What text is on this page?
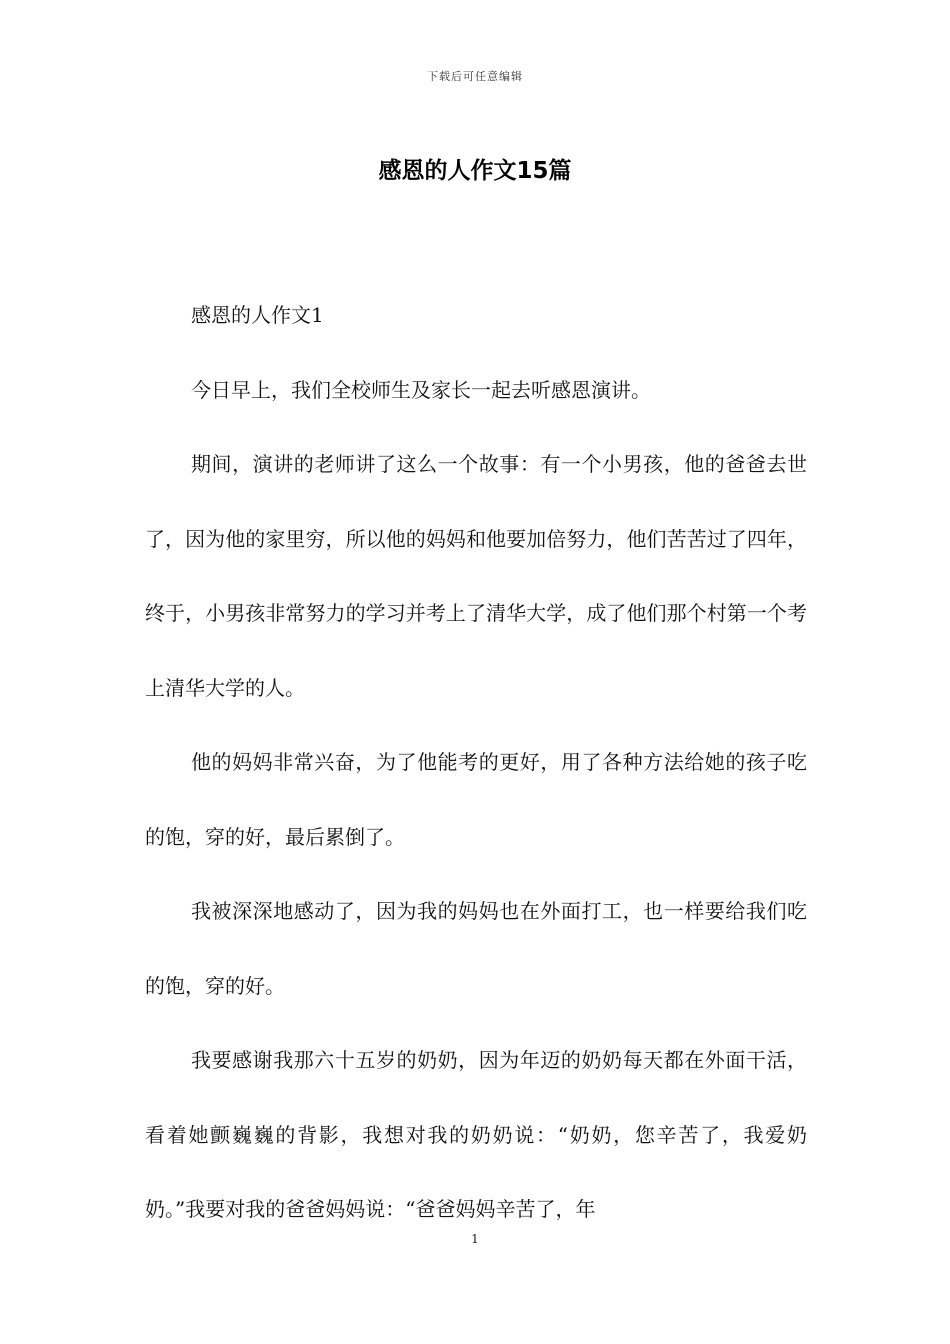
下载后可任意编辑
感恩的人作文15篇

感恩的人作文1

今日早上，我们全校师生及家长一起去听感恩演讲。

期间，演讲的老师讲了这么一个故事：有一个小男孩，他的爸爸去世了，因为他的家里穷，所以他的妈妈和他要加倍努力，他们苦苦过了四年，终于，小男孩非常努力的学习并考上了清华大学，成了他们那个村第一个考上清华大学的人。

他的妈妈非常兴奋，为了他能考的更好，用了各种方法给她的孩子吃的饱，穿的好，最后累倒了。

我被深深地感动了，因为我的妈妈也在外面打工，也一样要给我们吃的饱，穿的好。

我要感谢我那六十五岁的奶奶，因为年迈的奶奶每天都在外面干活，看着她颤巍巍的背影，我想对我的奶奶说：“奶奶，您辛苦了，我爱奶奶。”我要对我的爸爸妈妈说：“爸爸妈妈辛苦了，年

1
